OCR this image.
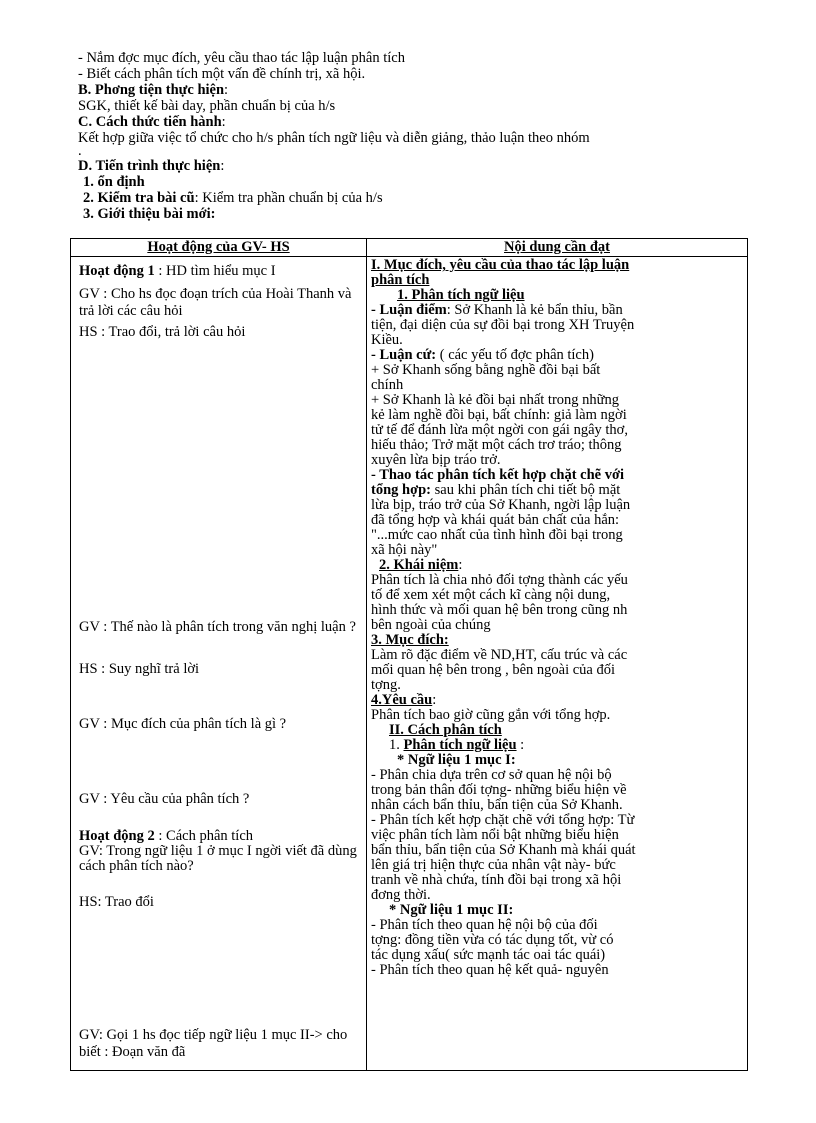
- Nắm đợc mục đích, yêu cầu thao tác lập luận phân tích
- Biết cách phân tích một vấn đề chính trị, xã hội.
B. Phơng tiện thực hiện:
SGK, thiết kế bài day, phần chuẩn bị của h/s
C. Cách thức tiến hành:
Kết hợp giữa việc tổ chức cho h/s phân tích ngữ liệu và diễn giảng, thảo luận theo nhóm
.
D. Tiến trình thực hiện:
1. ổn định
2. Kiểm tra bài cũ: Kiểm tra phần chuẩn bị của h/s
3. Giới thiệu bài mới:
Hoạt động của GV- HS	Nội dung cần đạt
Hoạt động 1 : HD tìm hiểu mục I
GV : Cho hs đọc đoạn trích của Hoài Thanh và trả lời các câu hỏi
HS : Trao đổi, trả lời câu hỏi
GV : Thế nào là phân tích trong văn nghị luận ?
HS : Suy nghĩ trả lời
GV : Mục đích của phân tích là gì ?
GV : Yêu cầu của phân tích ?
Hoạt động 2 : Cách phân tích
GV: Trong ngữ liệu 1 ở mục I ngời viết đã dùng cách phân tích nào?
HS: Trao đổi
GV: Gọi 1 hs đọc tiếp ngữ liệu 1 mục II-> cho biết : Đoạn văn đã
I. Mục đích, yêu cầu của thao tác lập luận
phân tích
1. Phân tích ngữ liệu
- Luận điểm: Sở Khanh là kẻ bẩn thỉu, bần
tiện, đại diện của sự đồi bại trong XH Truyện
Kiều.
- Luận cứ: ( các yếu tố đợc phân tích)
+ Sở Khanh sống bằng nghề đồi bại bất
chính
+ Sở Khanh là kẻ đồi bại nhất trong những
kẻ làm nghề đồi bại, bất chính: giả làm ngời
tử tế để đánh lừa một ngời con gái ngây thơ,
hiếu thảo; Trở mặt một cách trơ tráo; thông
xuyên lừa bịp tráo trở.
- Thao tác phân tích kết hợp chặt chẽ với
tổng hợp: sau khi phân tích chi tiết bộ mặt
lừa bịp, tráo trở của Sở Khanh, ngời lập luận
đã tổng hợp và khái quát bản chất của hắn:
"...mức cao nhất của tình hình đồi bại trong
xã hội này"
2. Khái niệm:
Phân tích là chia nhỏ đối tợng thành các yếu
tố để xem xét một cách kĩ càng nội dung,
hình thức và mối quan hệ bên trong cũng nh
bên ngoài của chúng
3. Mục đích:
Làm rõ đặc điểm về ND,HT, cấu trúc và các
mối quan hệ bên trong , bên ngoài của đối
tợng.
4.Yêu cầu:
Phân tích bao giờ cũng gắn với tổng hợp.
II. Cách phân tích
1. Phân tích ngữ liệu :
* Ngữ liệu 1 mục I:
- Phân chia dựa trên cơ sở quan hệ nội bộ
trong bản thân đối tợng- những biểu hiện về
nhân cách bẩn thỉu, bẩn tiện của Sở Khanh.
- Phân tích kết hợp chặt chẽ với tổng hợp: Từ
việc phân tích làm nổi bật những biểu hiện
bẩn thỉu, bẩn tiện của Sở Khanh mà khái quát
lên giá trị hiện thực của nhân vật này- bức
tranh về nhà chứa, tính đồi bại trong xã hội
đơng thời.
* Ngữ liệu 1 mục II:
- Phân tích theo quan hệ nội bộ của đối
tợng: đồng tiền vừa có tác dụng tốt, vừ có
tác dụng xấu( sức mạnh tác oai tác quái)
- Phân tích theo quan hệ kết quả- nguyên
